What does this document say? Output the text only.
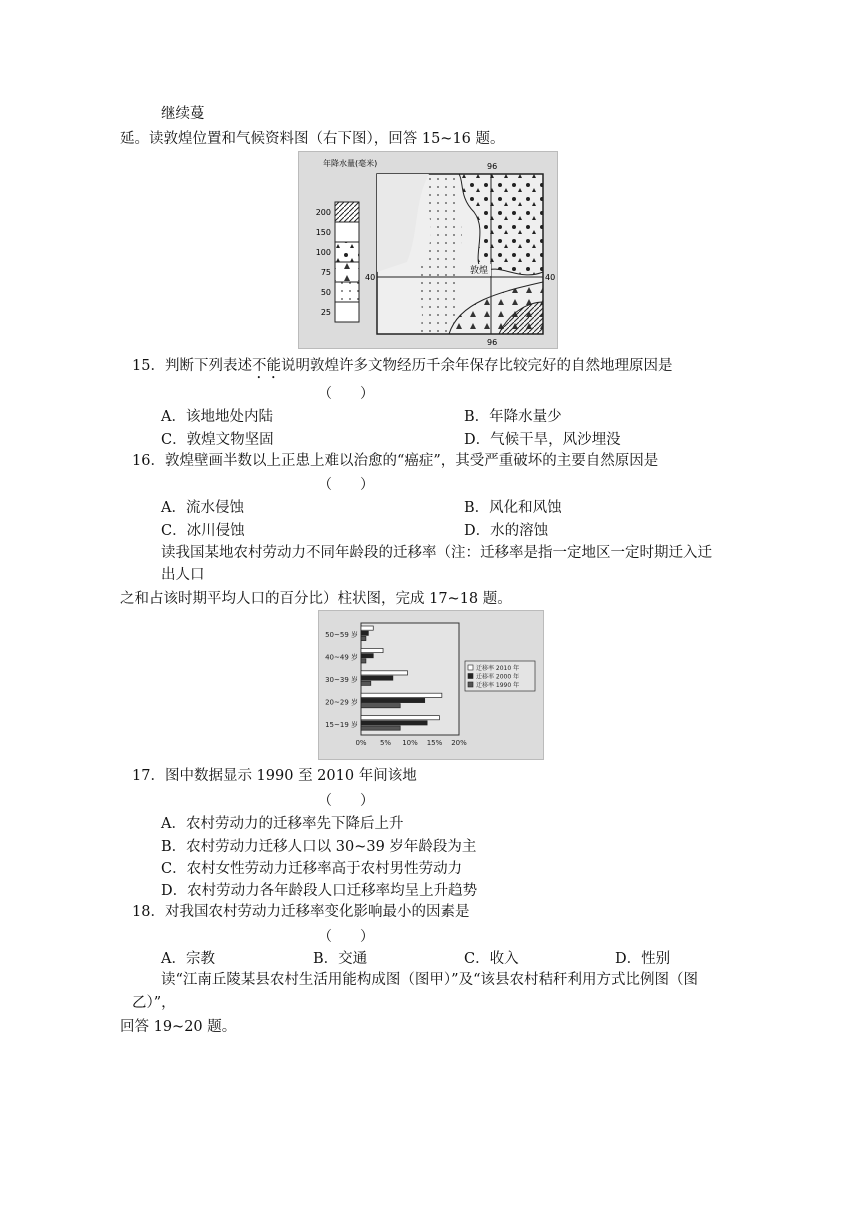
继续蔓
延。读敦煌位置和气候资料图（右下图），回答 15~16 题。
年降水量(毫米)
200
150
100
75
50
25
96
96
40	40
敦煌
15．判断下列表述不能说明敦煌许多文物经历千余年保存比较完好的自然地理原因是
（　　）
A．该地地处内陆	B．年降水量少
C．敦煌文物坚固	D．气候干旱，风沙埋没
16．敦煌壁画半数以上正患上难以治愈的“癌症”，其受严重破坏的主要自然原因是
（　　）
A．流水侵蚀	B．风化和风蚀
C．冰川侵蚀	D．水的溶蚀
读我国某地农村劳动力不同年龄段的迁移率（注：迁移率是指一定地区一定时期迁入迁
出人口
之和占该时期平均人口的百分比）柱状图，完成 17~18 题。
50~59 岁
40~49 岁
30~39 岁
20~29 岁
15~19 岁
0% 5% 10% 15% 20%
迁移率 2010 年
迁移率 2000 年
迁移率 1990 年
17．图中数据显示 1990 至 2010 年间该地
（　　）
A．农村劳动力的迁移率先下降后上升
B．农村劳动力迁移人口以 30~39 岁年龄段为主
C．农村女性劳动力迁移率高于农村男性劳动力
D．农村劳动力各年龄段人口迁移率均呈上升趋势
18．对我国农村劳动力迁移率变化影响最小的因素是
（　　）
A．宗教	B．交通	C．收入	D．性别
读“江南丘陵某县农村生活用能构成图（图甲）”及“该县农村秸秆利用方式比例图（图
乙）”，
回答 19~20 题。
